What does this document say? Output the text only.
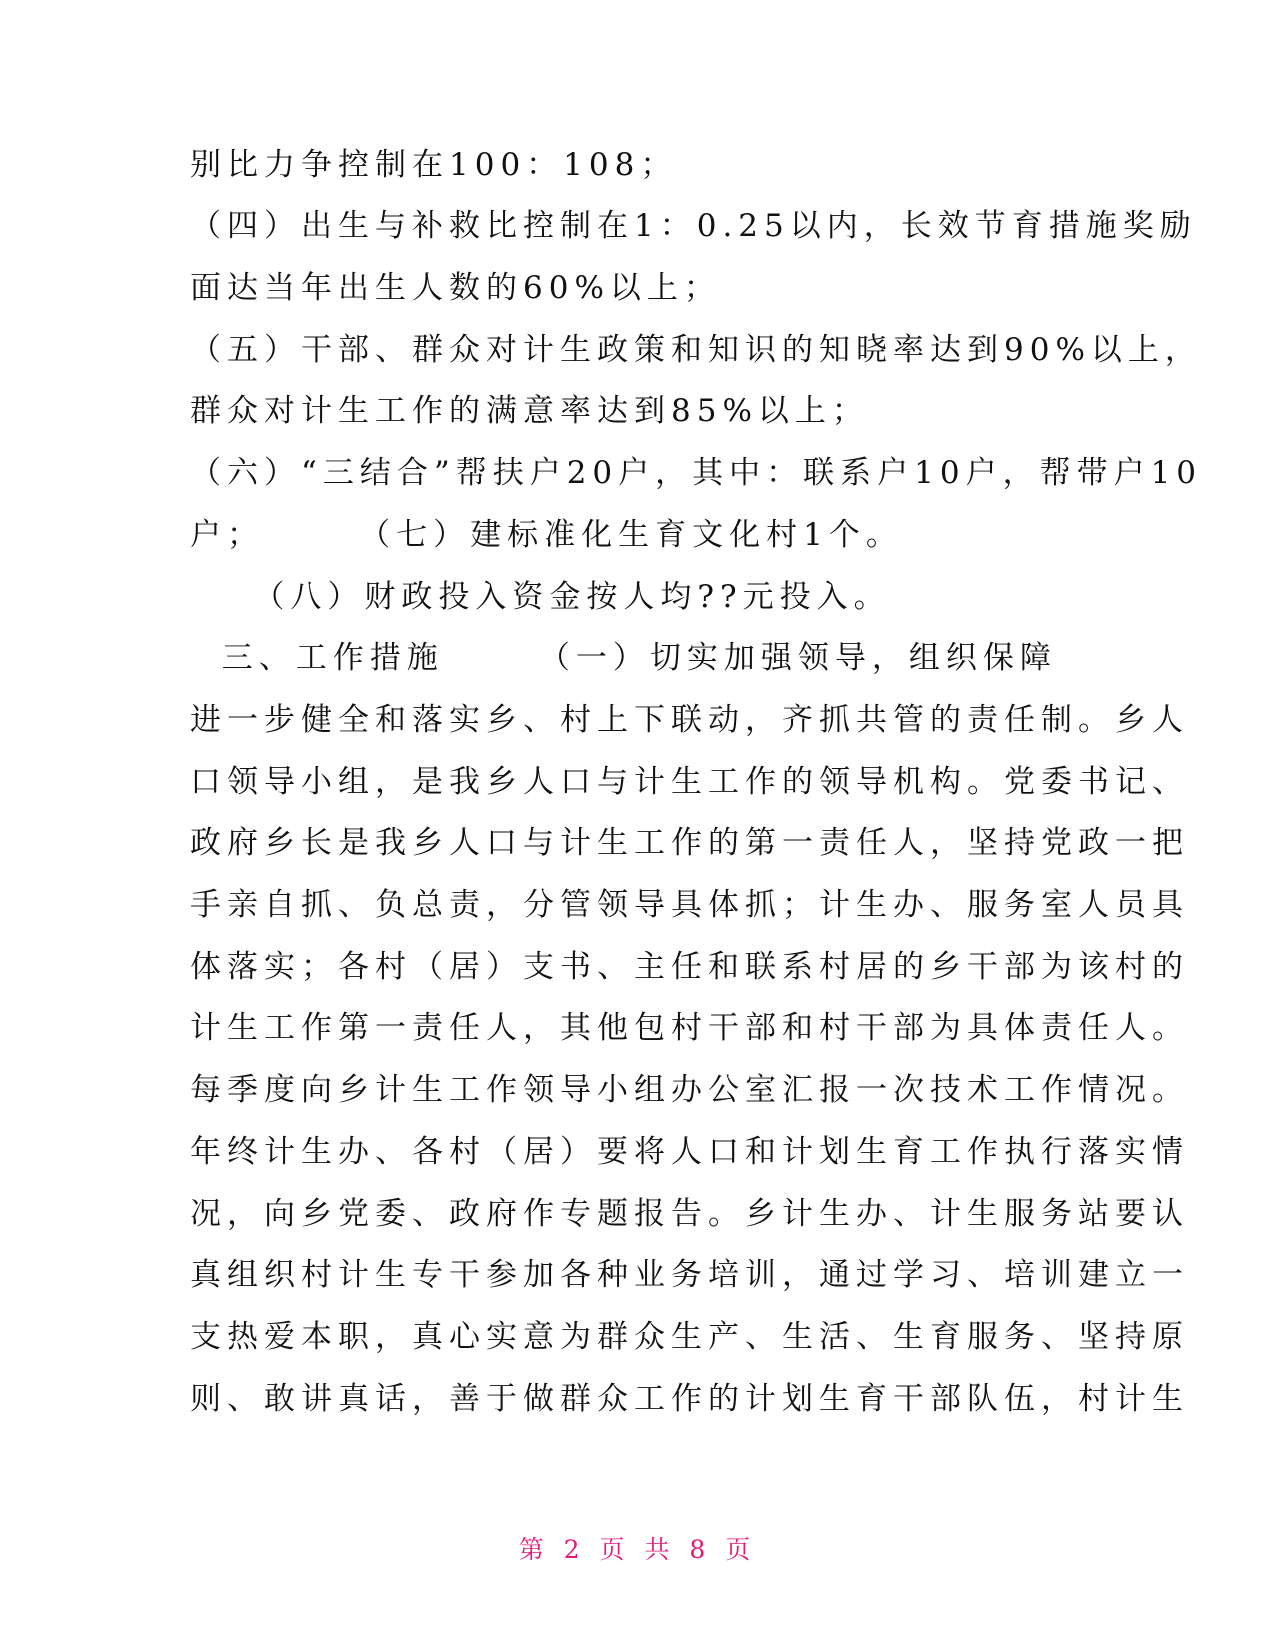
别比力争控制在100：108；
（四）出生与补救比控制在1：0.25以内，长效节育措施奖励
面达当年出生人数的60%以上；
（五）干部、群众对计生政策和知识的知晓率达到90%以上，
群众对计生工作的满意率达到85%以上；
（六）“三结合”帮扶户20户，其中：联系户10户，帮带户10
户；      （七）建标准化生育文化村1个。
（八）财政投入资金按人均??元投入。
三、工作措施      （一）切实加强领导，组织保障
进一步健全和落实乡、村上下联动，齐抓共管的责任制。乡人
口领导小组，是我乡人口与计生工作的领导机构。党委书记、
政府乡长是我乡人口与计生工作的第一责任人，坚持党政一把
手亲自抓、负总责，分管领导具体抓；计生办、服务室人员具
体落实；各村（居）支书、主任和联系村居的乡干部为该村的
计生工作第一责任人，其他包村干部和村干部为具体责任人。
每季度向乡计生工作领导小组办公室汇报一次技术工作情况。
年终计生办、各村（居）要将人口和计划生育工作执行落实情
况，向乡党委、政府作专题报告。乡计生办、计生服务站要认
真组织村计生专干参加各种业务培训，通过学习、培训建立一
支热爱本职，真心实意为群众生产、生活、生育服务、坚持原
则、敢讲真话，善于做群众工作的计划生育干部队伍，村计生
第 2 页 共 8 页
